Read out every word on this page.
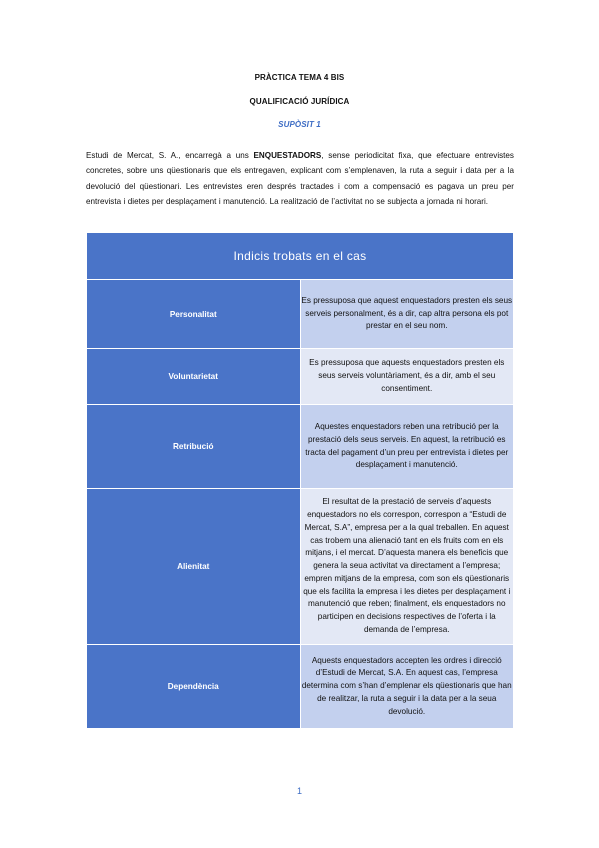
PRÀCTICA TEMA 4 BIS
QUALIFICACIÓ JURÍDICA
SUPÒSIT 1

Estudi de Mercat, S. A., encarregà a uns ENQUESTADORS, sense periodicitat fixa, que efectuare entrevistes concretes, sobre uns qüestionaris que els entregaven, explicant com s’emplenaven, la ruta a seguir i data per a la devolució del qüestionari. Les entrevistes eren després tractades i com a compensació es pagava un preu per entrevista i dietes per desplaçament i manutenció. La realització de l’activitat no se subjecta a jornada ni horari.

Indicis trobats en el cas	
Personalitat	Es pressuposa que aquest enquestadors presten els seus serveis personalment, és a dir, cap altra persona els pot prestar en el seu nom.
Voluntarietat	Es pressuposa que aquests enquestadors presten els seus serveis voluntàriament, és a dir, amb el seu consentiment.
Retribució	Aquestes enquestadors reben una retribució per la prestació dels seus serveis. En aquest, la retribució es tracta del pagament d’un preu per entrevista i dietes per desplaçament i manutenció.
Alienitat	El resultat de la prestació de serveis d’aquests enquestadors no els correspon, correspon a “Estudi de Mercat, S.A”, empresa per a la qual treballen. En aquest cas trobem una alienació tant en els fruits com en els mitjans, i el mercat. D’aquesta manera els beneficis que genera la seua activitat va directament a l’empresa; empren mitjans de la empresa, com son els qüestionaris que els facilita la empresa i les dietes per desplaçament i manutenció que reben; finalment, els enquestadors no participen en decisions respectives de l’oferta i la demanda de l’empresa.
Dependència	Aquests enquestadors accepten les ordres i direcció d’Estudi de Mercat, S.A. En aquest cas, l’empresa determina com s’han d’emplenar els qüestionaris que han de realitzar, la ruta a seguir i la data per a la seua devolució.
1
